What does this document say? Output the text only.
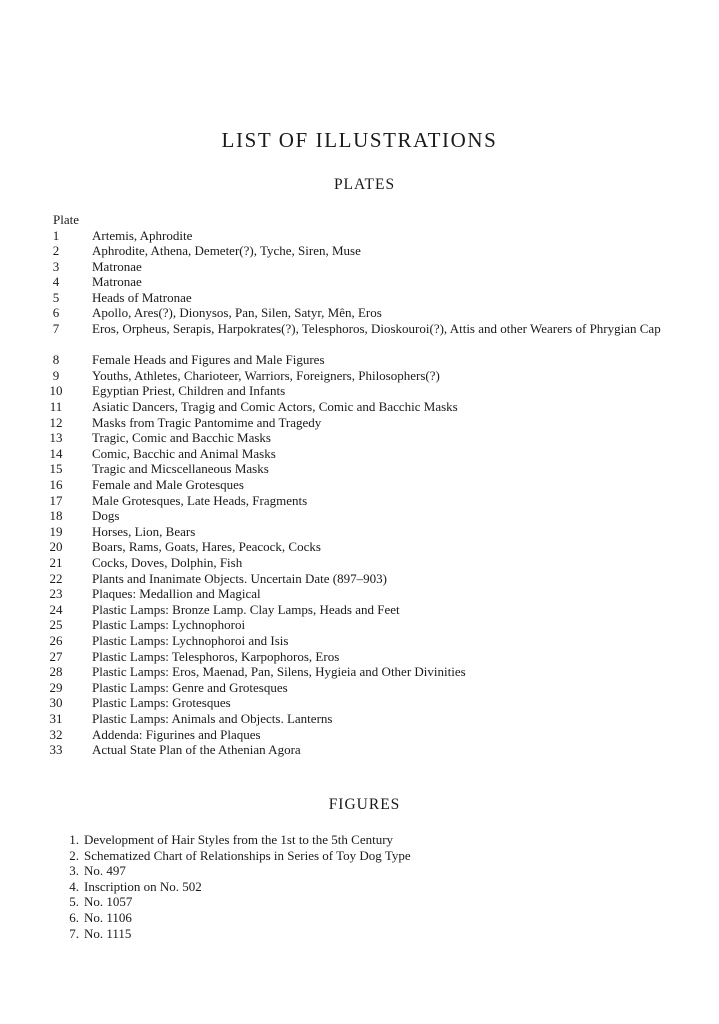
LIST OF ILLUSTRATIONS
PLATES
Plate
1	Artemis, Aphrodite
2	Aphrodite, Athena, Demeter(?), Tyche, Siren, Muse
3	Matronae
4	Matronae
5	Heads of Matronae
6	Apollo, Ares(?), Dionysos, Pan, Silen, Satyr, Mên, Eros
7	Eros, Orpheus, Serapis, Harpokrates(?), Telesphoros, Dioskouroi(?), Attis and other Wearers of Phrygian Cap
8	Female Heads and Figures and Male Figures
9	Youths, Athletes, Charioteer, Warriors, Foreigners, Philosophers(?)
10	Egyptian Priest, Children and Infants
11	Asiatic Dancers, Tragig and Comic Actors, Comic and Bacchic Masks
12	Masks from Tragic Pantomime and Tragedy
13	Tragic, Comic and Bacchic Masks
14	Comic, Bacchic and Animal Masks
15	Tragic and Micscellaneous Masks
16	Female and Male Grotesques
17	Male Grotesques, Late Heads, Fragments
18	Dogs
19	Horses, Lion, Bears
20	Boars, Rams, Goats, Hares, Peacock, Cocks
21	Cocks, Doves, Dolphin, Fish
22	Plants and Inanimate Objects. Uncertain Date (897–903)
23	Plaques: Medallion and Magical
24	Plastic Lamps: Bronze Lamp. Clay Lamps, Heads and Feet
25	Plastic Lamps: Lychnophoroi
26	Plastic Lamps: Lychnophoroi and Isis
27	Plastic Lamps: Telesphoros, Karpophoros, Eros
28	Plastic Lamps: Eros, Maenad, Pan, Silens, Hygieia and Other Divinities
29	Plastic Lamps: Genre and Grotesques
30	Plastic Lamps: Grotesques
31	Plastic Lamps: Animals and Objects. Lanterns
32	Addenda: Figurines and Plaques
33	Actual State Plan of the Athenian Agora
FIGURES
1. Development of Hair Styles from the 1st to the 5th Century
2. Schematized Chart of Relationships in Series of Toy Dog Type
3. No. 497
4. Inscription on No. 502
5. No. 1057
6. No. 1106
7. No. 1115
